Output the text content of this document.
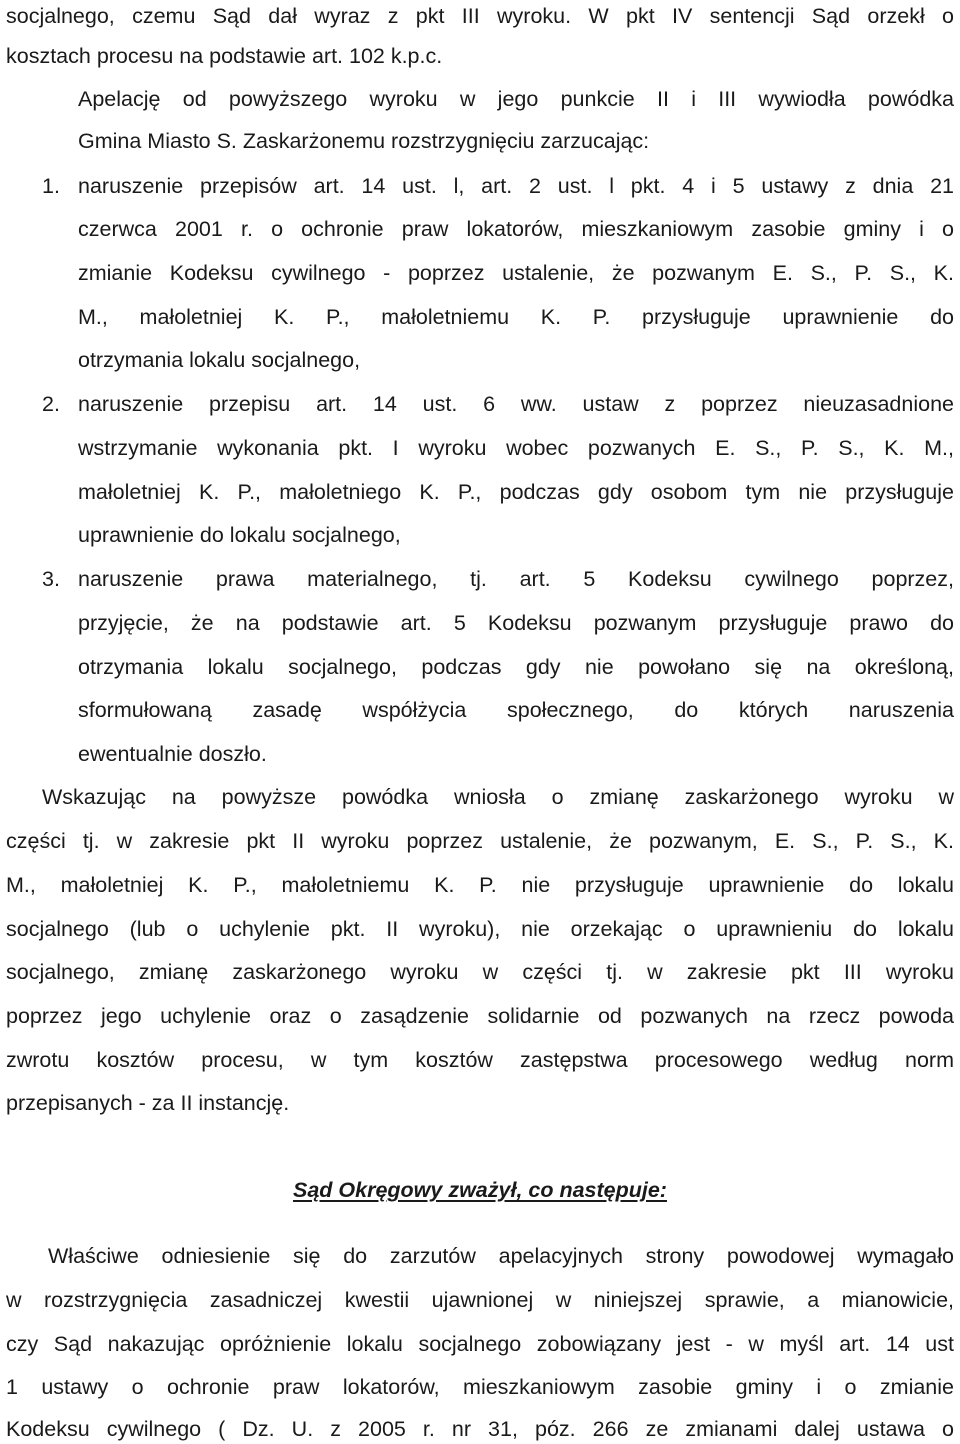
socjalnego, czemu Sąd dał wyraz z pkt III wyroku. W pkt IV sentencji Sąd orzekł o
kosztach procesu na podstawie art. 102 k.p.c.
Apelację od powyższego wyroku w jego punkcie II i III wywiodła powódka
Gmina Miasto S. Zaskarżonemu rozstrzygnięciu zarzucając:
1. naruszenie przepisów art. 14 ust. l, art. 2 ust. l pkt. 4 i 5 ustawy z dnia 21
czerwca 2001 r. o ochronie praw lokatorów, mieszkaniowym zasobie gminy i o
zmianie Kodeksu cywilnego - poprzez ustalenie, że pozwanym E. S., P. S., K.
M., małoletniej K. P., małoletniemu K. P. przysługuje uprawnienie do
otrzymania lokalu socjalnego,
2. naruszenie przepisu art. 14 ust. 6 ww. ustaw z poprzez nieuzasadnione
wstrzymanie wykonania pkt. I wyroku wobec pozwanych E. S., P. S., K. M.,
małoletniej K. P., małoletniego K. P., podczas gdy osobom tym nie przysługuje
uprawnienie do lokalu socjalnego,
3. naruszenie prawa materialnego, tj. art. 5 Kodeksu cywilnego poprzez,
przyjęcie, że na podstawie art. 5 Kodeksu pozwanym przysługuje prawo do
otrzymania lokalu socjalnego, podczas gdy nie powołano się na określoną,
sformułowaną zasadę współżycia społecznego, do których naruszenia
ewentualnie doszło.
Wskazując na powyższe powódka wniosła o zmianę zaskarżonego wyroku w
części tj. w zakresie pkt II wyroku poprzez ustalenie, że pozwanym, E. S., P. S., K.
M., małoletniej K. P., małoletniemu K. P. nie przysługuje uprawnienie do lokalu
socjalnego (lub o uchylenie pkt. II wyroku), nie orzekając o uprawnieniu do lokalu
socjalnego, zmianę zaskarżonego wyroku w części tj. w zakresie pkt III wyroku
poprzez jego uchylenie oraz o zasądzenie solidarnie od pozwanych na rzecz powoda
zwrotu kosztów procesu, w tym kosztów zastępstwa procesowego według norm
przepisanych - za II instancję.
Sąd Okręgowy zważył, co następuje:
Właściwe odniesienie się do zarzutów apelacyjnych strony powodowej wymagało
w rozstrzygnięcia zasadniczej kwestii ujawnionej w niniejszej sprawie, a mianowicie,
czy Sąd nakazując opróżnienie lokalu socjalnego zobowiązany jest - w myśl art. 14 ust
1 ustawy o ochronie praw lokatorów, mieszkaniowym zasobie gminy i o zmianie
Kodeksu cywilnego ( Dz. U. z 2005 r. nr 31, póz. 266 ze zmianami dalej ustawa o
